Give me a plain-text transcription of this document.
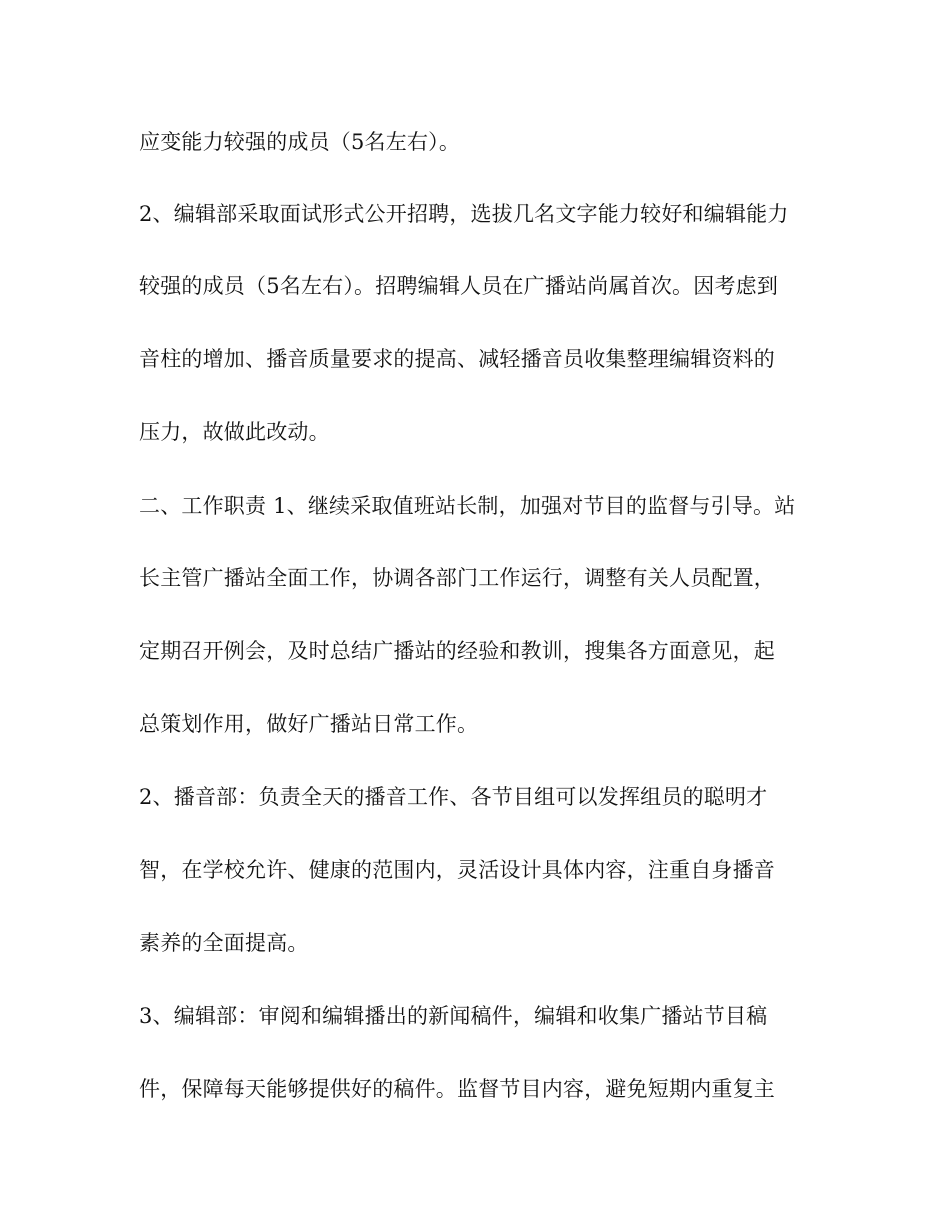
应变能力较强的成员（5名左右）。
2、编辑部采取面试形式公开招聘，选拔几名文字能力较好和编辑能力
较强的成员（5名左右）。招聘编辑人员在广播站尚属首次。因考虑到
音柱的增加、播音质量要求的提高、减轻播音员收集整理编辑资料的
压力，故做此改动。
二、工作职责 1、继续采取值班站长制，加强对节目的监督与引导。站
长主管广播站全面工作，协调各部门工作运行，调整有关人员配置，
定期召开例会，及时总结广播站的经验和教训，搜集各方面意见，起
总策划作用，做好广播站日常工作。
2、播音部：负责全天的播音工作、各节目组可以发挥组员的聪明才
智，在学校允许、健康的范围内，灵活设计具体内容，注重自身播音
素养的全面提高。
3、编辑部：审阅和编辑播出的新闻稿件，编辑和收集广播站节目稿
件，保障每天能够提供好的稿件。监督节目内容，避免短期内重复主
